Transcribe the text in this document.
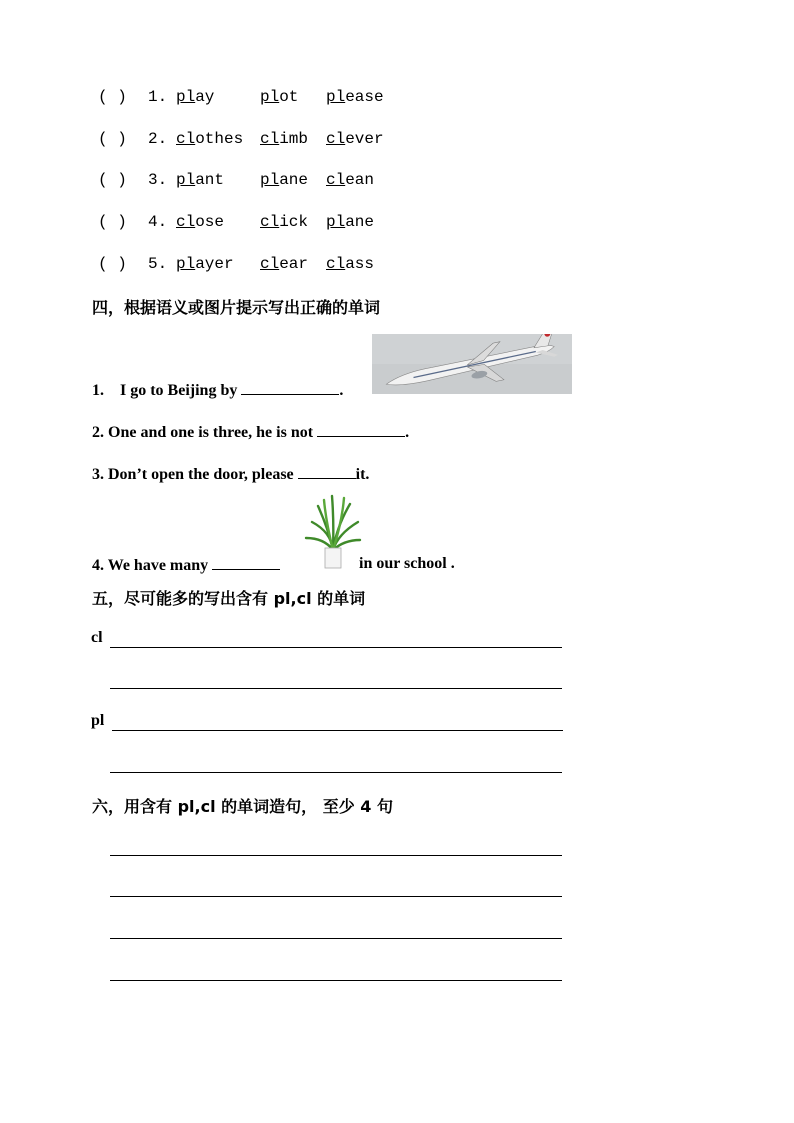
( ) 1. play	plot please
( ) 2. clothes climb clever
( ) 3. plant plane clean
( ) 4. close click plane
( ) 5. player clear class
四，根据语义或图片提示写出正确的单词
1. I go to Beijing by	.
2. One and one is three, he is not	.
3. Don’t open the door, please	it.
4. We have many	in our school .
五，尽可能多的写出含有 pl,cl 的单词
cl
pl
六，用含有 pl,cl 的单词造句， 至少 4 句
